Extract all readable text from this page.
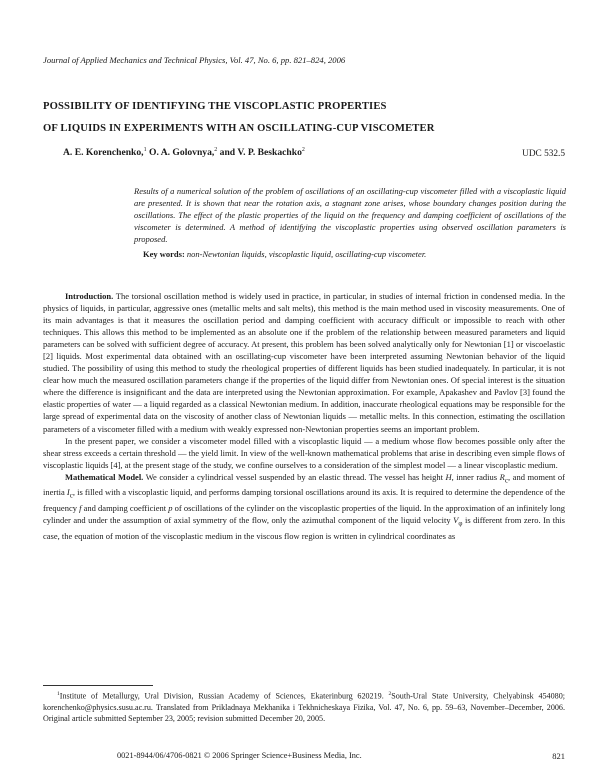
Journal of Applied Mechanics and Technical Physics, Vol. 47, No. 6, pp. 821–824, 2006
POSSIBILITY OF IDENTIFYING THE VISCOPLASTIC PROPERTIES
OF LIQUIDS IN EXPERIMENTS WITH AN OSCILLATING-CUP VISCOMETER
A. E. Korenchenko,$^1$ O. A. Golovnya,$^2$ and V. P. Beskachko$^2$	UDC 532.5
Results of a numerical solution of the problem of oscillations of an oscillating-cup viscometer filled with a viscoplastic liquid are presented. It is shown that near the rotation axis, a stagnant zone arises, whose boundary changes position during the oscillations. The effect of the plastic properties of the liquid on the frequency and damping coefficient of oscillations of the viscometer is determined. A method of identifying the viscoplastic properties using observed oscillation parameters is proposed.
Key words: non-Newtonian liquids, viscoplastic liquid, oscillating-cup viscometer.

Introduction. The torsional oscillation method is widely used in practice, in particular, in studies of internal friction in condensed media. In the physics of liquids, in particular, aggressive ones (metallic melts and salt melts), this method is the main method used in viscosity measurements. One of its main advantages is that it measures the oscillation period and damping coefficient with accuracy difficult or impossible to reach with other techniques. This allows this method to be implemented as an absolute one if the problem of the relationship between measured parameters and liquid parameters can be solved with sufficient degree of accuracy. At present, this problem has been solved analytically only for Newtonian [1] or viscoelastic [2] liquids. Most experimental data obtained with an oscillating-cup viscometer have been interpreted assuming Newtonian behavior of the liquid studied. The possibility of using this method to study the rheological properties of different liquids has been studied inadequately. In particular, it is not clear how much the measured oscillation parameters change if the properties of the liquid differ from Newtonian ones. Of special interest is the situation where the difference is insignificant and the data are interpreted using the Newtonian approximation. For example, Apakashev and Pavlov [3] found the elastic properties of water — a liquid regarded as a classical Newtonian medium. In addition, inaccurate rheological equations may be responsible for the large spread of experimental data on the viscosity of another class of Newtonian liquids — metallic melts. In this connection, estimating the oscillation parameters of a viscometer filled with a medium with weakly expressed non-Newtonian properties seems an important problem.

In the present paper, we consider a viscometer model filled with a viscoplastic liquid — a medium whose flow becomes possible only after the shear stress exceeds a certain threshold — the yield limit. In view of the well-known mathematical problems that arise in describing even simple flows of viscoplastic liquids [4], at the present stage of the study, we confine ourselves to a consideration of the simplest model — a linear viscoplastic medium.

Mathematical Model. We consider a cylindrical vessel suspended by an elastic thread. The vessel has height H, inner radius $R_c$, and moment of inertia $I_c$, is filled with a viscoplastic liquid, and performs damping torsional oscillations around its axis. It is required to determine the dependence of the frequency f and damping coefficient p of oscillations of the cylinder on the viscoplastic properties of the liquid. In the approximation of an infinitely long cylinder and under the assumption of axial symmetry of the flow, only the azimuthal component of the liquid velocity $V_\varphi$ is different from zero. In this case, the equation of motion of the viscoplastic medium in the viscous flow region is written in cylindrical coordinates as

$^1$Institute of Metallurgy, Ural Division, Russian Academy of Sciences, Ekaterinburg 620219. $^2$South-Ural State University, Chelyabinsk 454080; korenchenko@physics.susu.ac.ru. Translated from Prikladnaya Mekhanika i Tekhnicheskaya Fizika, Vol. 47, No. 6, pp. 59–63, November–December, 2006. Original article submitted September 23, 2005; revision submitted December 20, 2005.
0021-8944/06/4706-0821 © 2006 Springer Science+Business Media, Inc.	821
